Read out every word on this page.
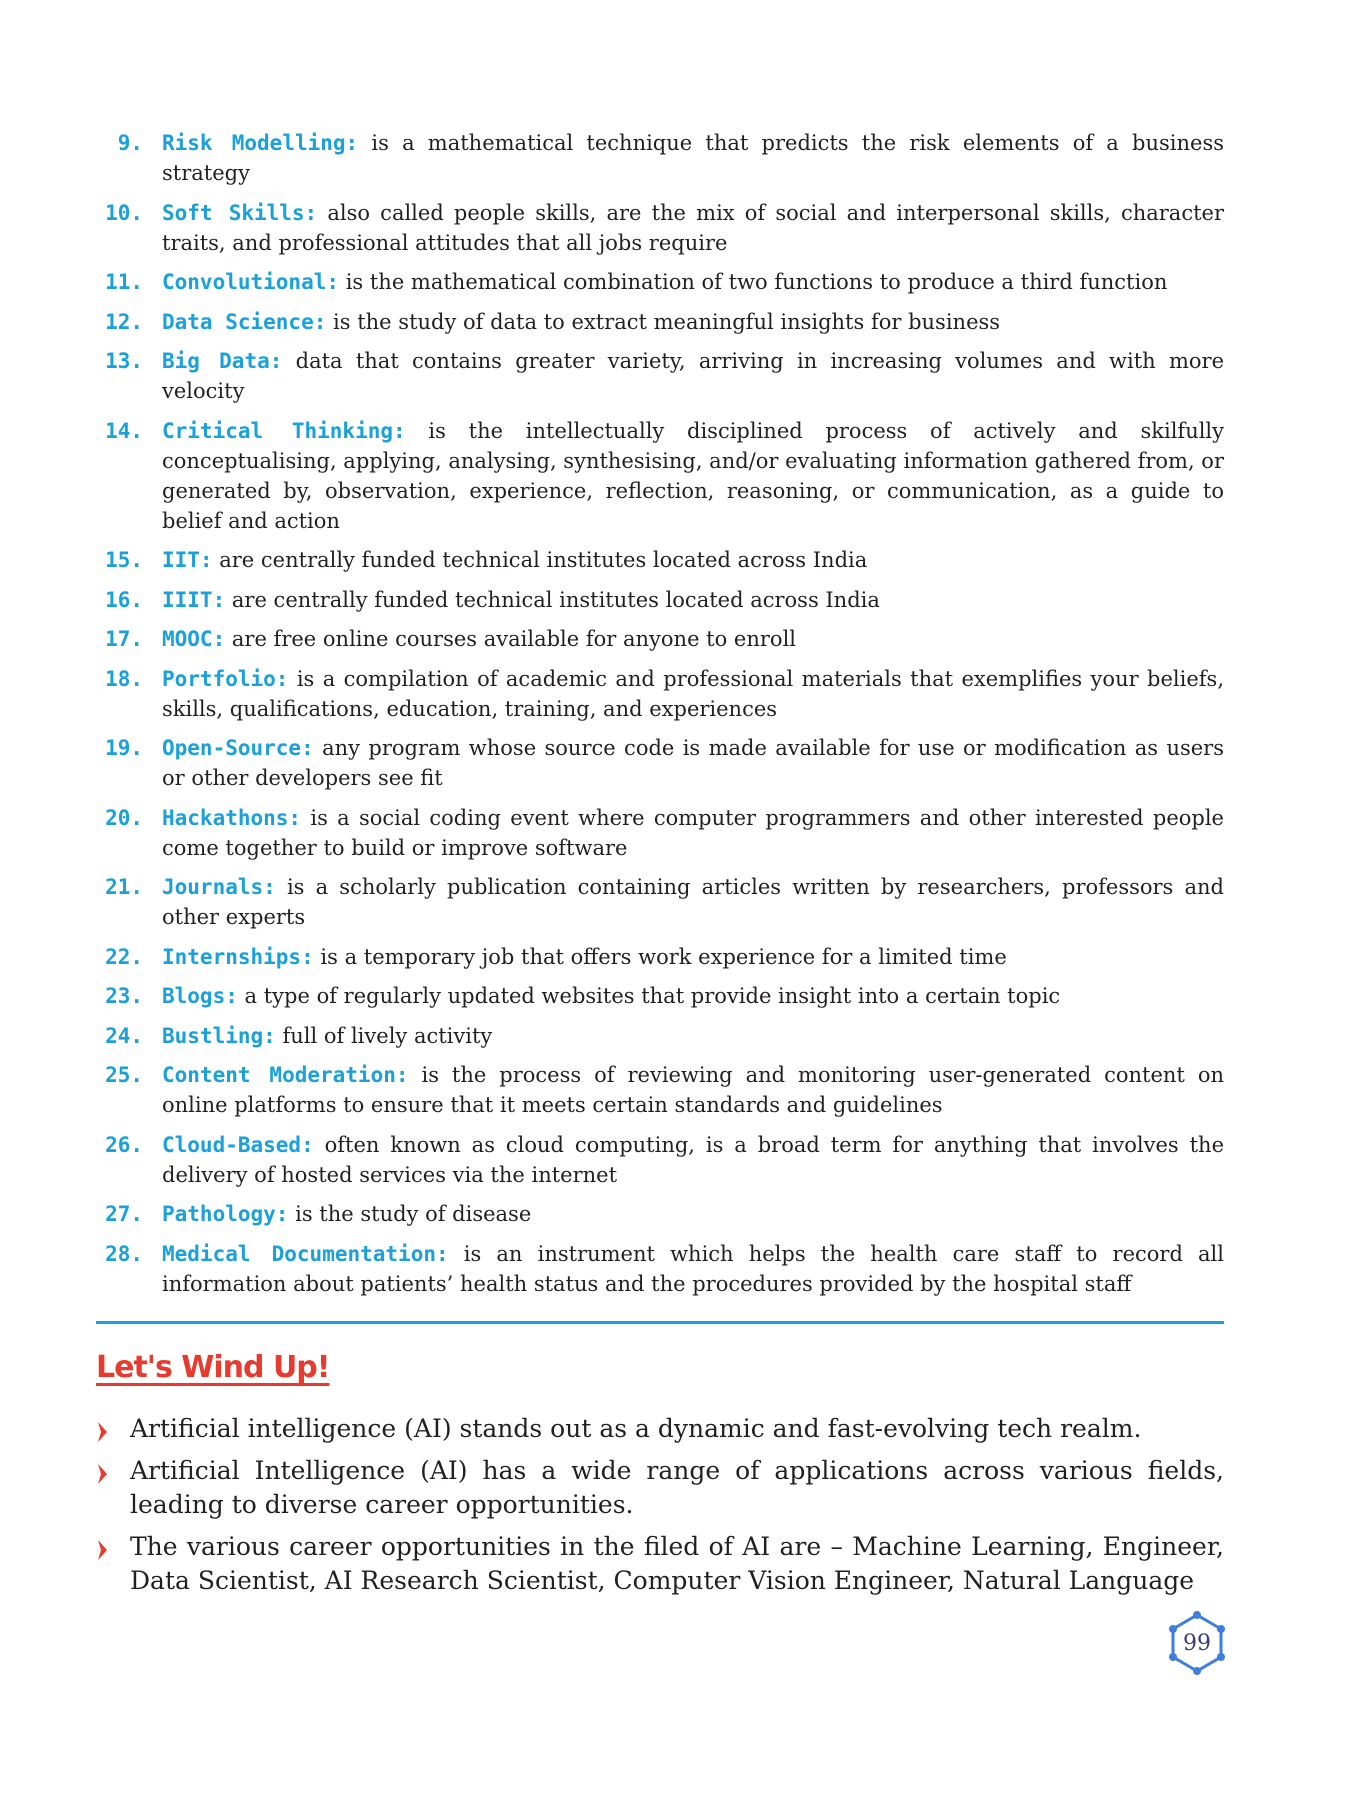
9. Risk Modelling: is a mathematical technique that predicts the risk elements of a business strategy
10. Soft Skills: also called people skills, are the mix of social and interpersonal skills, character traits, and professional attitudes that all jobs require
11. Convolutional: is the mathematical combination of two functions to produce a third function
12. Data Science: is the study of data to extract meaningful insights for business
13. Big Data: data that contains greater variety, arriving in increasing volumes and with more velocity
14. Critical Thinking: is the intellectually disciplined process of actively and skilfully conceptualising, applying, analysing, synthesising, and/or evaluating information gathered from, or generated by, observation, experience, reflection, reasoning, or communication, as a guide to belief and action
15. IIT: are centrally funded technical institutes located across India
16. IIIT: are centrally funded technical institutes located across India
17. MOOC: are free online courses available for anyone to enroll
18. Portfolio: is a compilation of academic and professional materials that exemplifies your beliefs, skills, qualifications, education, training, and experiences
19. Open-Source: any program whose source code is made available for use or modification as users or other developers see fit
20. Hackathons: is a social coding event where computer programmers and other interested people come together to build or improve software
21. Journals: is a scholarly publication containing articles written by researchers, professors and other experts
22. Internships: is a temporary job that offers work experience for a limited time
23. Blogs: a type of regularly updated websites that provide insight into a certain topic
24. Bustling: full of lively activity
25. Content Moderation: is the process of reviewing and monitoring user-generated content on online platforms to ensure that it meets certain standards and guidelines
26. Cloud-Based: often known as cloud computing, is a broad term for anything that involves the delivery of hosted services via the internet
27. Pathology: is the study of disease
28. Medical Documentation: is an instrument which helps the health care staff to record all information about patients’ health status and the procedures provided by the hospital staff
Let's Wind Up!
Artificial intelligence (AI) stands out as a dynamic and fast-evolving tech realm.
Artificial Intelligence (AI) has a wide range of applications across various fields, leading to diverse career opportunities.
The various career opportunities in the filed of AI are – Machine Learning, Engineer, Data Scientist, AI Research Scientist, Computer Vision Engineer, Natural Language
99
